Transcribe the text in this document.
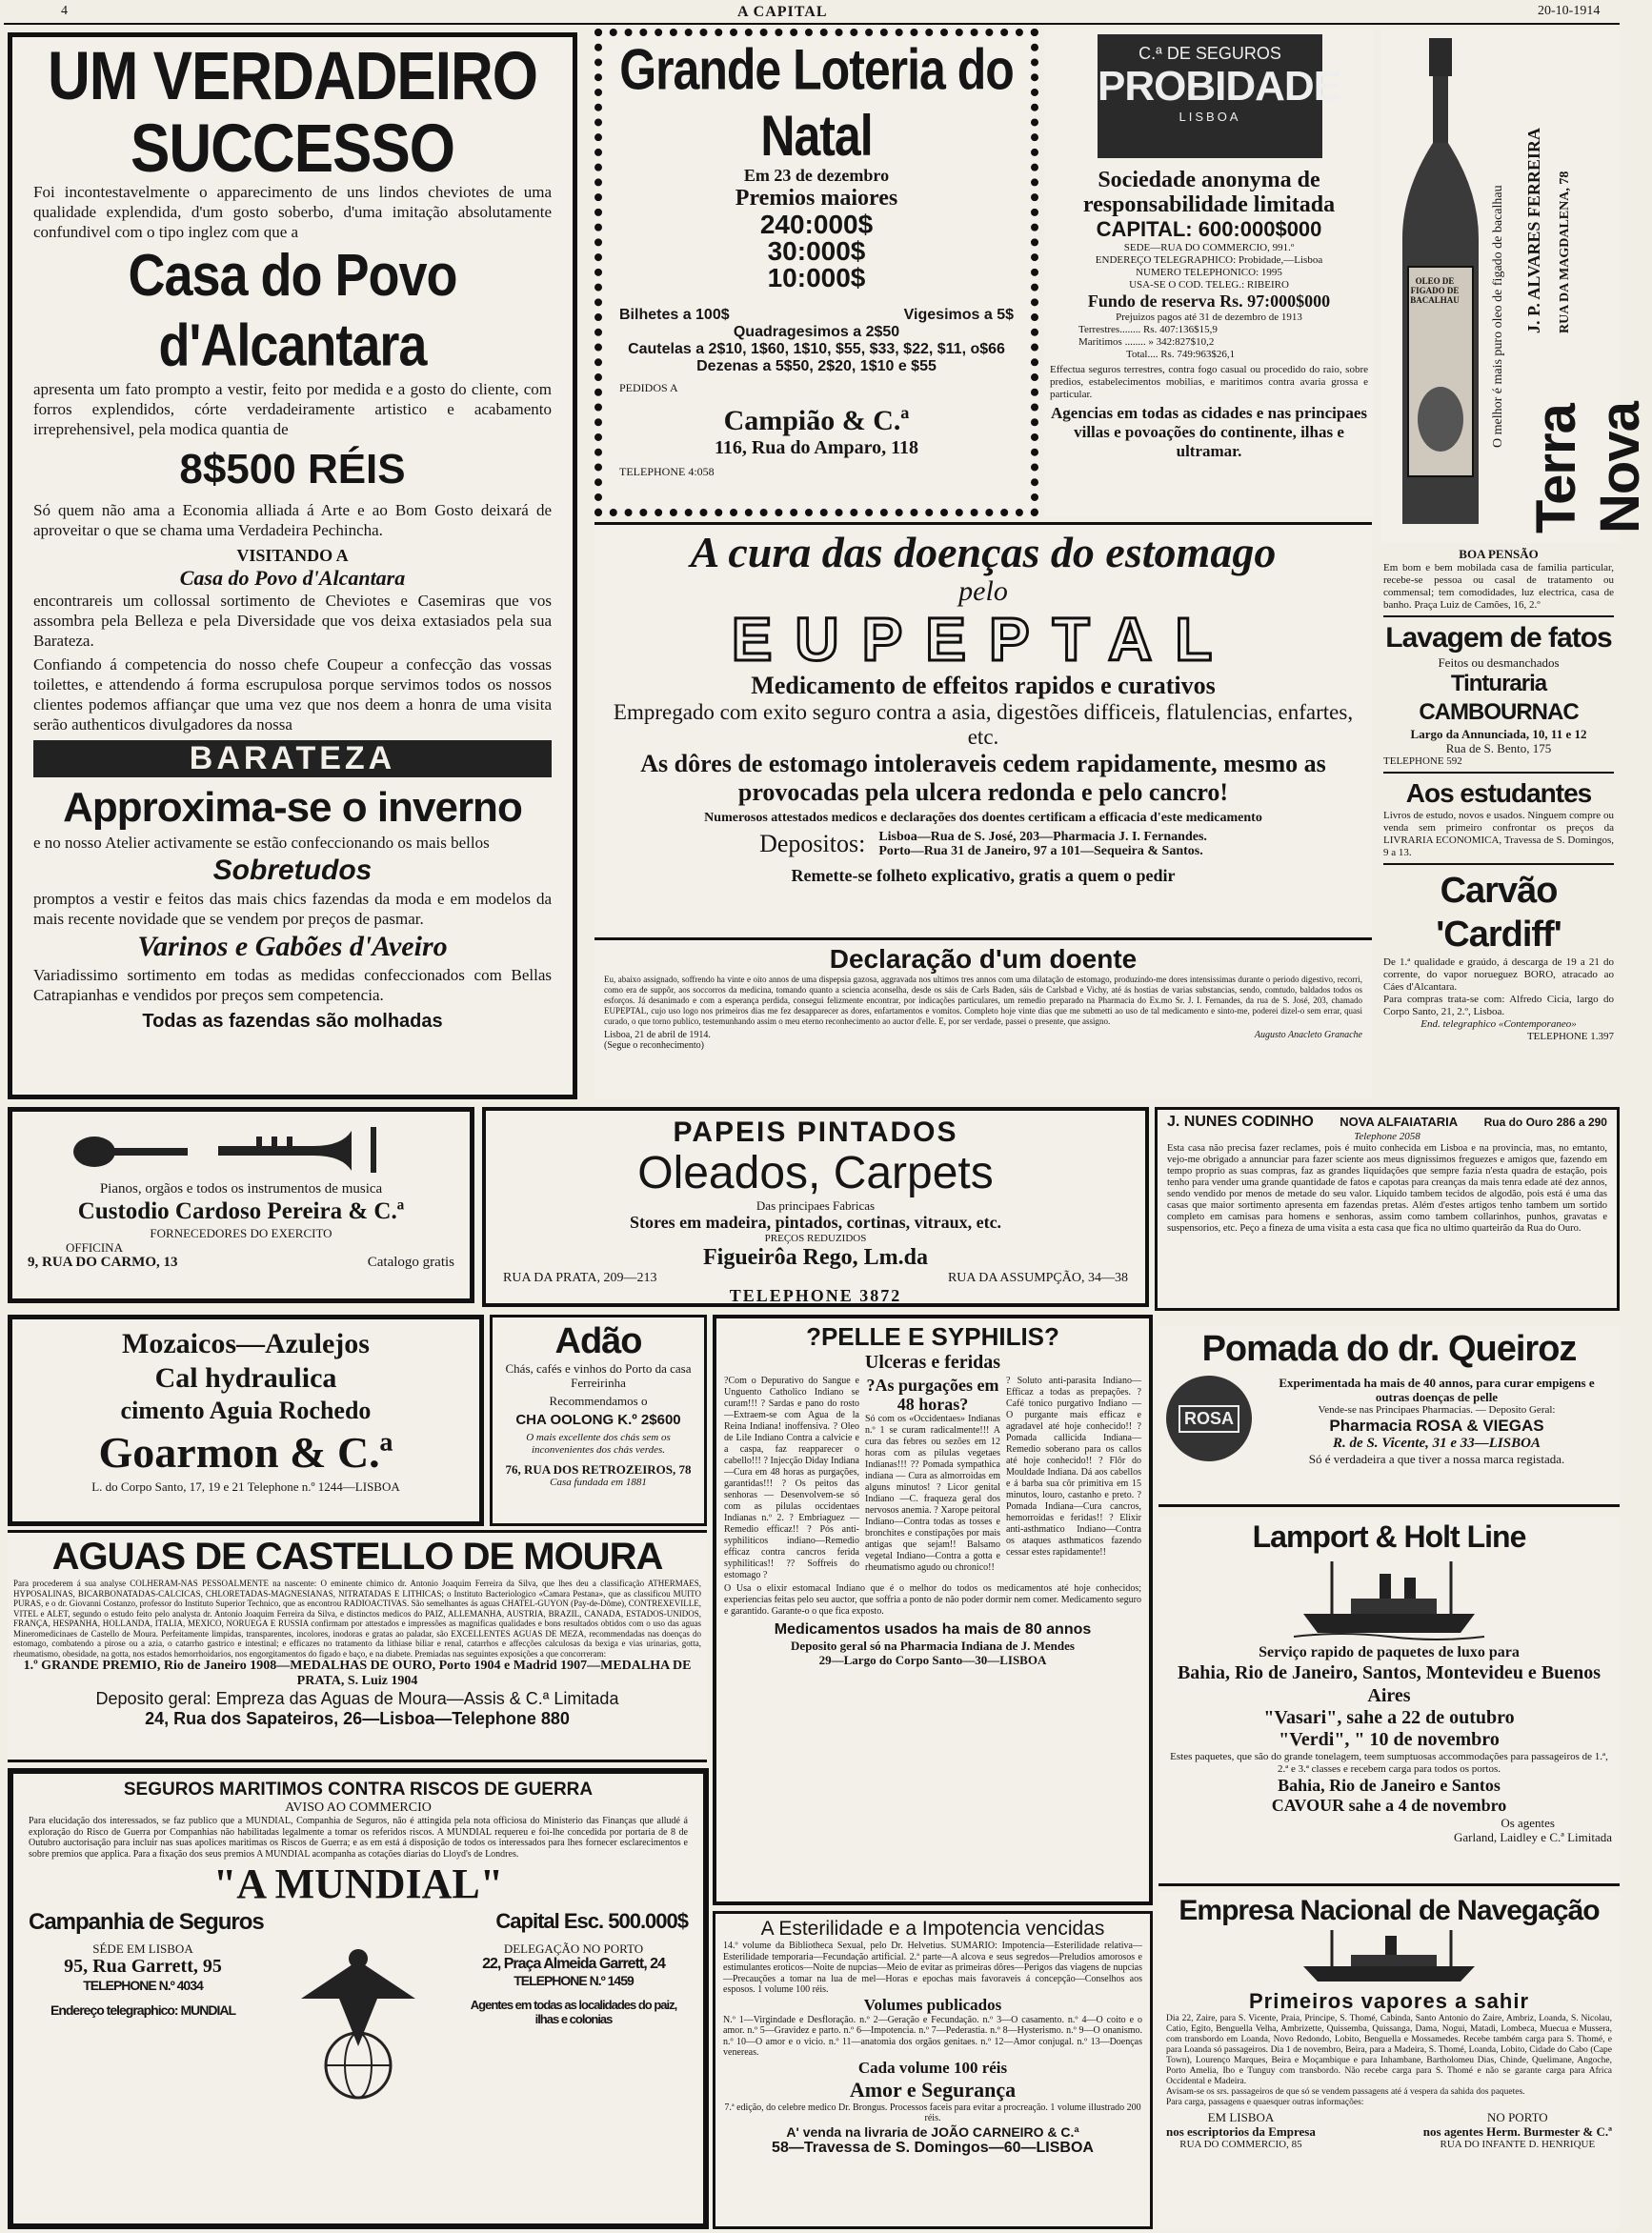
4	A CAPITAL	20-10-1914
UM VERDADEIRO SUCCESSO

Foi incontestavelmente o apparecimento de uns lindos cheviotes de uma qualidade explendida, d'um gosto soberbo, d'uma imitação absolutamente confundivel com o tipo inglez com que a

Casa do Povo d'Alcantara

apresenta um fato prompto a vestir, feito por medida e a gosto do cliente, com forros explendidos, córte verdadeiramente artistico e acabamento irreprehensivel, pela modica quantia de

8$500 RÉIS

Só quem não ama a Economia alliada á Arte e ao Bom Gosto deixará de aproveitar o que se chama uma Verdadeira Pechincha.

VISITANDO A
Casa do Povo d'Alcantara

encontrareis um collossal sortimento de Cheviotes e Casemiras que vos assombra pela Belleza e pela Diversidade que vos deixa extasiados pela sua Barateza.

Confiando á competencia do nosso chefe Coupeur a confecção das vossas toilettes, e attendendo á forma escrupulosa porque servimos todos os nossos clientes podemos affiançar que uma vez que nos deem a honra de uma visita serão authenticos divulgadores da nossa

BARATEZA
Approxima-se o inverno

e no nosso Atelier activamente se estão confeccionando os mais bellos

Sobretudos

promptos a vestir e feitos das mais chics fazendas da moda e em modelos da mais recente novidade que se vendem por preços de pasmar.

Varinos e Gabões d'Aveiro

Variadissimo sortimento em todas as medidas confeccionados com Bellas Catrapianhas e vendidos por preços sem competencia.

Todas as fazendas são molhadas
Grande Loteria do Natal
Em 23 de dezembro
Premios maiores
240:000$
30:000$
10:000$
Bilhetes a 100$	Vigesimos a 5$
Quadragesimos a 2$50
Cautelas a 2$10, 1$60, 1$10, $55, $33, $22, $11, o$66
Dezenas a 5$50, 2$20, 1$10 e $55
PEDIDOS A
Campião & C.ª
116, Rua do Amparo, 118
TELEPHONE 4:058
C.ª DE SEGUROS
PROBIDADE
LISBOA
Sociedade anonyma de responsabilidade limitada
CAPITAL: 600:000$000
SEDE—RUA DO COMMERCIO, 991.º
ENDEREÇO TELEGRAPHICO: Probidade,—Lisboa
NUMERO TELEPHONICO: 1995
USA-SE O COD. TELEG.: RIBEIRO
Fundo de reserva Rs. 97:000$000
Prejuizos pagos até 31 de dezembro de 1913
Terrestres........ Rs. 407:136$15,9
Maritimos ........ » 342:827$10,2
Total.... Rs. 749:963$26,1

Effectua seguros terrestres, contra fogo casual ou procedido do raio, sobre predios, estabelecimentos mobilias, e maritimos contra avaria grossa e particular.

Agencias em todas as cidades e nas principaes villas e povoações do continente, ilhas e ultramar.
OLEO DE FIGADO DE BACALHAU O melhor é mais puro oleo de figado de bacalhau	J. P. ALVARES FERREIRA	RUA DA MAGDALENA, 78
Terra Nova
BOA PENSÃO

Em bom e bem mobilada casa de familia particular, recebe-se pessoa ou casal de tratamento ou commensal; tem comodidades, luz electrica, casa de banho. Praça Luiz de Camões, 16, 2.º

Lavagem de fatos
Feitos ou desmanchados
Tinturaria CAMBOURNAC
Largo da Annunciada, 10, 11 e 12
Rua de S. Bento, 175
TELEPHONE 592
Aos estudantes

Livros de estudo, novos e usados. Ninguem compre ou venda sem primeiro confrontar os preços da LIVRARIA ECONOMICA, Travessa de S. Domingos, 9 a 13.

Carvão 'Cardiff'

De 1.ª qualidade e graúdo, á descarga de 19 a 21 do corrente, do vapor norueguez BORO, atracado ao Cáes d'Alcantara.

Para compras trata-se com: Alfredo Cicia, largo do Corpo Santo, 21, 2.º, Lisboa.

End. telegraphico «Contemporaneo»
TELEPHONE 1.397
A cura das doenças do estomago
pelo
EUPEPTAL
Medicamento de effeitos rapidos e curativos
Empregado com exito seguro contra a asia, digestões difficeis, flatulencias, enfartes, etc.
As dôres de estomago intoleraveis cedem rapidamente, mesmo as provocadas pela ulcera redonda e pelo cancro!
Numerosos attestados medicos e declarações dos doentes certificam a efficacia d'este medicamento
Depositos: Lisboa—Rua de S. José, 203—Pharmacia J. I. Fernandes.
Porto—Rua 31 de Janeiro, 97 a 101—Sequeira & Santos.
Remette-se folheto explicativo, gratis a quem o pedir
Declaração d'um doente

Eu, abaixo assignado, soffrendo ha vinte e oito annos de uma dispepsia gazosa, aggravada nos ultimos tres annos com uma dilatação de estomago, produzindo-me dores intensissimas durante o periodo digestivo, recorri, como era de suppôr, aos soccorros da medicina, tomando quanto a sciencia aconselha, desde os sáis de Carls Baden, sáis de Carlsbad e Vichy, até ás hostias de varias substancias, sendo, comtudo, baldados todos os esforços. Já desanimado e com a esperança perdida, consegui felizmente encontrar, por indicações particulares, um remedio preparado na Pharmacia do Ex.mo Sr. J. I. Fernandes, da rua de S. José, 203, chamado EUPEPTAL, cujo uso logo nos primeiros dias me fez desapparecer as dores, enfartamentos e vomitos. Completo hoje vinte dias que me submetti ao uso de tal medicamento e sinto-me, poderei dizel-o sem errar, quasi curado, o que torno publico, testemunhando assim o meu eterno reconhecimento ao auctor d'elle. E, por ser verdade, passei o presente, que assigno.

Lisboa, 21 de abril de 1914.	Augusto Anacleto Granache
(Segue o reconhecimento)
Pianos, orgãos e todos os instrumentos de musica
Custodio Cardoso Pereira & C.ª
FORNECEDORES DO EXERCITO
OFFICINA
9, RUA DO CARMO, 13	Catalogo gratis
PAPEIS PINTADOS
Oleados, Carpets
Das principaes Fabricas
Stores em madeira, pintados, cortinas, vitraux, etc.
PREÇOS REDUZIDOS
Figueirôa Rego, Lm.da
RUA DA PRATA, 209—213	RUA DA ASSUMPÇÃO, 34—38
TELEPHONE 3872
J. NUNES CODINHO NOVA ALFAIATARIA Rua do Ouro 286 a 290
Telephone 2058

Esta casa não precisa fazer reclames, pois é muito conhecida em Lisboa e na provincia, mas, no emtanto, vejo-me obrigado a annunciar para fazer sciente aos meus dignissimos freguezes e amigos que, fazendo em tempo proprio as suas compras, faz as grandes liquidações que sempre fazia n'esta quadra de estação, pois tenho para vender uma grande quantidade de fatos e capotas para creanças da mais tenra edade até dez annos, sendo vendido por menos de metade do seu valor. Liquido tambem tecidos de algodão, pois está é uma das casas que maior sortimento apresenta em fazendas pretas. Além d'estes artigos tenho tambem um sortido completo em camisas para homens e senhoras, assim como tambem collarinhos, punhos, gravatas e suspensorios, etc. Peço a fineza de uma visita a esta casa que fica no ultimo quarteirão da Rua do Ouro.

Mozaicos—Azulejos
Cal hydraulica
cimento Aguia Rochedo
Goarmon & C.ª
L. do Corpo Santo, 17, 19 e 21 Telephone n.º 1244—LISBOA
Adão
Chás, cafés e vinhos do Porto da casa Ferreirinha
Recommendamos o
CHA OOLONG K.º 2$600
O mais excellente dos chás sem os inconvenientes dos chás verdes.
76, RUA DOS RETROZEIROS, 78
Casa fundada em 1881
?PELLE E SYPHILIS?
Ulceras e feridas

?Com o Depurativo do Sangue e Unguento Catholico Indiano se curam!!! ? Sardas e pano do rosto—Extraem-se com Agua de la Reina Indiana! inoffensiva. ? Oleo de Lile Indiano Contra a calvicie e a caspa, faz reapparecer o cabello!!! ? Injecção Diday Indiana—Cura em 48 horas as purgações, garantidas!!! ? Os peitos das senhoras — Desenvolvem-se só com as pilulas occidentaes Indianas n.º 2. ? Embriaguez — Remedio efficaz!! ? Pós anti-syphiliticos indiano—Remedio efficaz contra cancros ferida syphiliticas!! ?? Soffreis do estomago ?

?As purgações em 48 horas?

Só com os «Occidentaes» Indianas n.º 1 se curam radicalmente!!! A cura das febres ou sezões em 12 horas com as pilulas vegetaes Indianas!!! ?? Pomada sympathica indiana — Cura as almorroidas em alguns minutos! ? Licor genital Indiano —C. fraqueza geral dos nervosos anemia. ? Xarope peitoral Indiano—Contra todas as tosses e bronchites e constipações por mais antigas que sejam!! Balsamo vegetal Indiano—Contra a gotta e rheumatismo agudo ou chronico!!

? Soluto anti-parasita Indiano—Efficaz a todas as prepações. ? Café tonico purgativo Indiano — O purgante mais efficaz e agradavel até hoje conhecido!! ? Pomada callicida Indiana—Remedio soberano para os callos até hoje conhecido!! ? Flôr do Mouldade Indiana. Dá aos cabellos e á barba sua côr primitiva em 15 minutos, louro, castanho e preto. ? Pomada Indiana—Cura cancros, hemorroidas e feridas!! ? Elixir anti-asthmatico Indiano—Contra os ataques asthmaticos fazendo cessar estes rapidamente!!

O Usa o elixir estomacal Indiano que é o melhor do todos os medicamentos até hoje conhecidos; experiencias feitas pelo seu auctor, que soffria a ponto de não poder dormir nem comer. Medicamento seguro e garantido. Garante-o o que fica exposto.

Medicamentos usados ha mais de 80 annos
Deposito geral só na Pharmacia Indiana de J. Mendes
29—Largo do Corpo Santo—30—LISBOA
Pomada do dr. Queiroz
ROSA
Experimentada ha mais de 40 annos, para curar empigens e outras doenças de pelle
Vende-se nas Principaes Pharmacias. — Deposito Geral:
Pharmacia ROSA & VIEGAS
R. de S. Vicente, 31 e 33—LISBOA
Só é verdadeira a que tiver a nossa marca registada.
Lamport & Holt Line
Serviço rapido de paquetes de luxo para
Bahia, Rio de Janeiro, Santos, Montevideu e Buenos Aires
"Vasari", sahe a 22 de outubro
"Verdi", " 10 de novembro

Estes paquetes, que são do grande tonelagem, teem sumptuosas accommodações para passageiros de 1.ª, 2.ª e 3.ª classes e recebem carga para todos os portos.

Bahia, Rio de Janeiro e Santos
CAVOUR sahe a 4 de novembro
Os agentes
Garland, Laidley e C.ª Limitada
AGUAS DE CASTELLO DE MOURA

Para procederem á sua analyse COLHERAM-NAS PESSOALMENTE na nascente: O eminente chimico dr. Antonio Joaquim Ferreira da Silva, que lhes deu a classificação ATHERMAES, HYPOSALINAS, BICARBONATADAS-CALCICAS, CHLORETADAS-MAGNESIANAS, NITRATADAS E LITHICAS; o Instituto Bacteriologico «Camara Pestana», que as classificou MUITO PURAS, e o dr. Giovanni Costanzo, professor do Instituto Superior Technico, que as encontrou RADIOACTIVAS. São semelhantes ás aguas CHATEL-GUYON (Pay-de-Dôme), CONTREXEVILLE, VITEL e ALET, segundo o estudo feito pelo analysta dr. Antonio Joaquim Ferreira da Silva, e distinctos medicos do PAIZ, ALLEMANHA, AUSTRIA, BRAZIL, CANADA, ESTADOS-UNIDOS, FRANÇA, HESPANHA, HOLLANDA, ITALIA, MEXICO, NORUEGA E RUSSIA confirmam por attestados e impressões as magnificas qualidades e bons resultados obtidos com o uso das aguas Mineromedicinaes de Castello de Moura. Perfeitamente limpidas, transparentes, incolores, inodoras e gratas ao paladar, são EXCELLENTES AGUAS DE MEZA, recommendadas nas doenças do estomago, combatendo a pirose ou a azia, o catarrho gastrico e intestinal; e efficazes no tratamento da lithiase biliar e renal, catarrhos e affecções calculosas da bexiga e vias urinarias, gotta, rheumatismo, obesidade, na gotta, nos estados hemorrhoidarios, nos engorgitamentos do figado e baço, e na diabete. Premiadas nas seguintes exposições a que concorreram:

1.º GRANDE PREMIO, Rio de Janeiro 1908—MEDALHAS DE OURO, Porto 1904 e Madrid 1907—MEDALHA DE PRATA, S. Luiz 1904
Deposito geral: Empreza das Aguas de Moura—Assis & C.ª Limitada
24, Rua dos Sapateiros, 26—Lisboa—Telephone 880
SEGUROS MARITIMOS CONTRA RISCOS DE GUERRA
AVISO AO COMMERCIO

Para elucidação dos interessados, se faz publico que a MUNDIAL, Companhia de Seguros, não é attingida pela nota officiosa do Ministerio das Finanças que alludé á exploração do Risco de Guerra por Companhias não habilitadas legalmente a tomar os referidos riscos. A MUNDIAL requereu e foi-lhe concedida por portaria de 8 de Outubro auctorisação para incluir nas suas apolices maritimas os Riscos de Guerra; e as em está á disposição de todos os interessados para lhes fornecer esclarecimentos e sobre premios que applica. Para a fixação dos seus premios A MUNDIAL acompanha as cotações diarias do Lloyd's de Londres.

"A MUNDIAL"
Campanhia de Seguros	Capital Esc. 500.000$
SÉDE EM LISBOA
95, Rua Garrett, 95
TELEPHONE N.º 4034
Endereço telegraphico: MUNDIAL
DELEGAÇÃO NO PORTO
22, Praça Almeida Garrett, 24
TELEPHONE N.º 1459
Agentes em todas as localidades do paiz, ilhas e colonias
A Esterilidade e a Impotencia vencidas

14.º volume da Bibliotheca Sexual, pelo Dr. Helvetius. SUMARIO: Impotencia—Esterilidade relativa—Esterilidade temporaria—Fecundação artificial. 2.ª parte—A alcova e seus segredos—Preludios amorosos e estimulantes eroticos—Noite de nupcias—Meio de evitar as primeiras dôres—Perigos das viagens de nupcias—Precauções a tomar na lua de mel—Horas e epochas mais favoraveis á concepção—Conselhos aos esposos. 1 volume 100 réis.

Volumes publicados

N.º 1—Virgindade e Desfloração. n.º 2—Geração e Fecundação. n.º 3—O casamento. n.º 4—O coito e o amor. n.º 5—Gravidez e parto. n.º 6—Impotencia. n.º 7—Pederastia. n.º 8—Hysterismo. n.º 9—O onanismo. n.º 10—O amor e o vicio. n.º 11—anatomia dos orgãos genitaes. n.º 12—Amor conjugal. n.º 13—Doenças venereas.

Cada volume 100 réis
Amor e Segurança

7.ª edição, do celebre medico Dr. Brongus. Processos faceis para evitar a procreação. 1 volume illustrado 200 réis.

A' venda na livraria de JOÃO CARNEIRO & C.ª
58—Travessa de S. Domingos—60—LISBOA
Empresa Nacional de Navegação
Primeiros vapores a sahir

Dia 22, Zaire, para S. Vicente, Praia, Principe, S. Thomé, Cabinda, Santo Antonio do Zaire, Ambriz, Loanda, S. Nicolau, Catio, Egito, Benguella Velha, Ambrizette, Quissemba, Quissanga, Dama, Nogui, Matadi, Lombeca, Muecua e Mussera, com transbordo em Loanda, Novo Redondo, Lobito, Benguella e Mossamedes. Recebe também carga para S. Thomé, e para Loanda só passageiros. Dia 1 de novembro, Beira, para a Madeira, S. Thomé, Loanda, Lobito, Cidade do Cabo (Cape Town), Lourenço Marques, Beira e Moçambique e para Inhambane, Bartholomeu Dias, Chinde, Quelimane, Angoche, Porto Amelia, Ibo e Tunguy com transbordo. Não recebe carga para S. Thomé e não se garante carga para Africa Occidental e Madeira.

Avisam-se os srs. passageiros de que só se vendem passagens até á vespera da sahida dos paquetes.

Para carga, passagens e quaesquer outras informações:

EM LISBOA
nos escriptorios da Empresa
RUA DO COMMERCIO, 85
NO PORTO
nos agentes Herm. Burmester & C.ª
RUA DO INFANTE D. HENRIQUE
